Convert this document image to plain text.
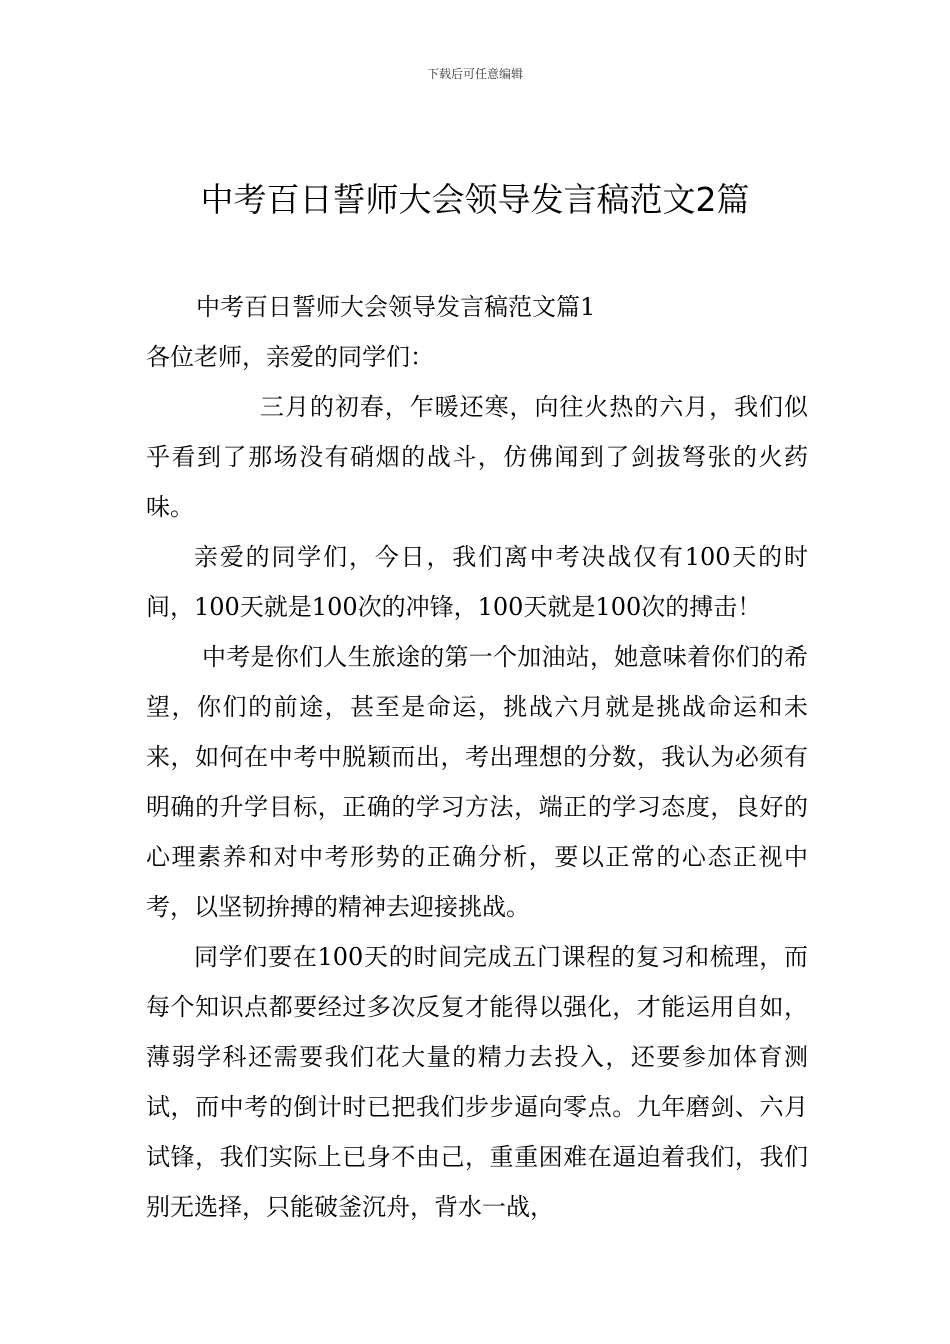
下载后可任意编辑
中考百日誓师大会领导发言稿范文2篇

中考百日誓师大会领导发言稿范文篇1

各位老师，亲爱的同学们：

三月的初春，乍暖还寒，向往火热的六月，我们似乎看到了那场没有硝烟的战斗，仿佛闻到了剑拔弩张的火药味。

亲爱的同学们，今日，我们离中考决战仅有100天的时间，100天就是100次的冲锋，100天就是100次的搏击！

中考是你们人生旅途的第一个加油站，她意味着你们的希望，你们的前途，甚至是命运，挑战六月就是挑战命运和未来，如何在中考中脱颖而出，考出理想的分数，我认为必须有明确的升学目标，正确的学习方法，端正的学习态度，良好的心理素养和对中考形势的正确分析，要以正常的心态正视中考，以坚韧拚搏的精神去迎接挑战。

同学们要在100天的时间完成五门课程的复习和梳理，而每个知识点都要经过多次反复才能得以强化，才能运用自如，薄弱学科还需要我们花大量的精力去投入，还要参加体育测试，而中考的倒计时已把我们步步逼向零点。九年磨剑、六月试锋，我们实际上已身不由己，重重困难在逼迫着我们，我们别无选择，只能破釜沉舟，背水一战，
